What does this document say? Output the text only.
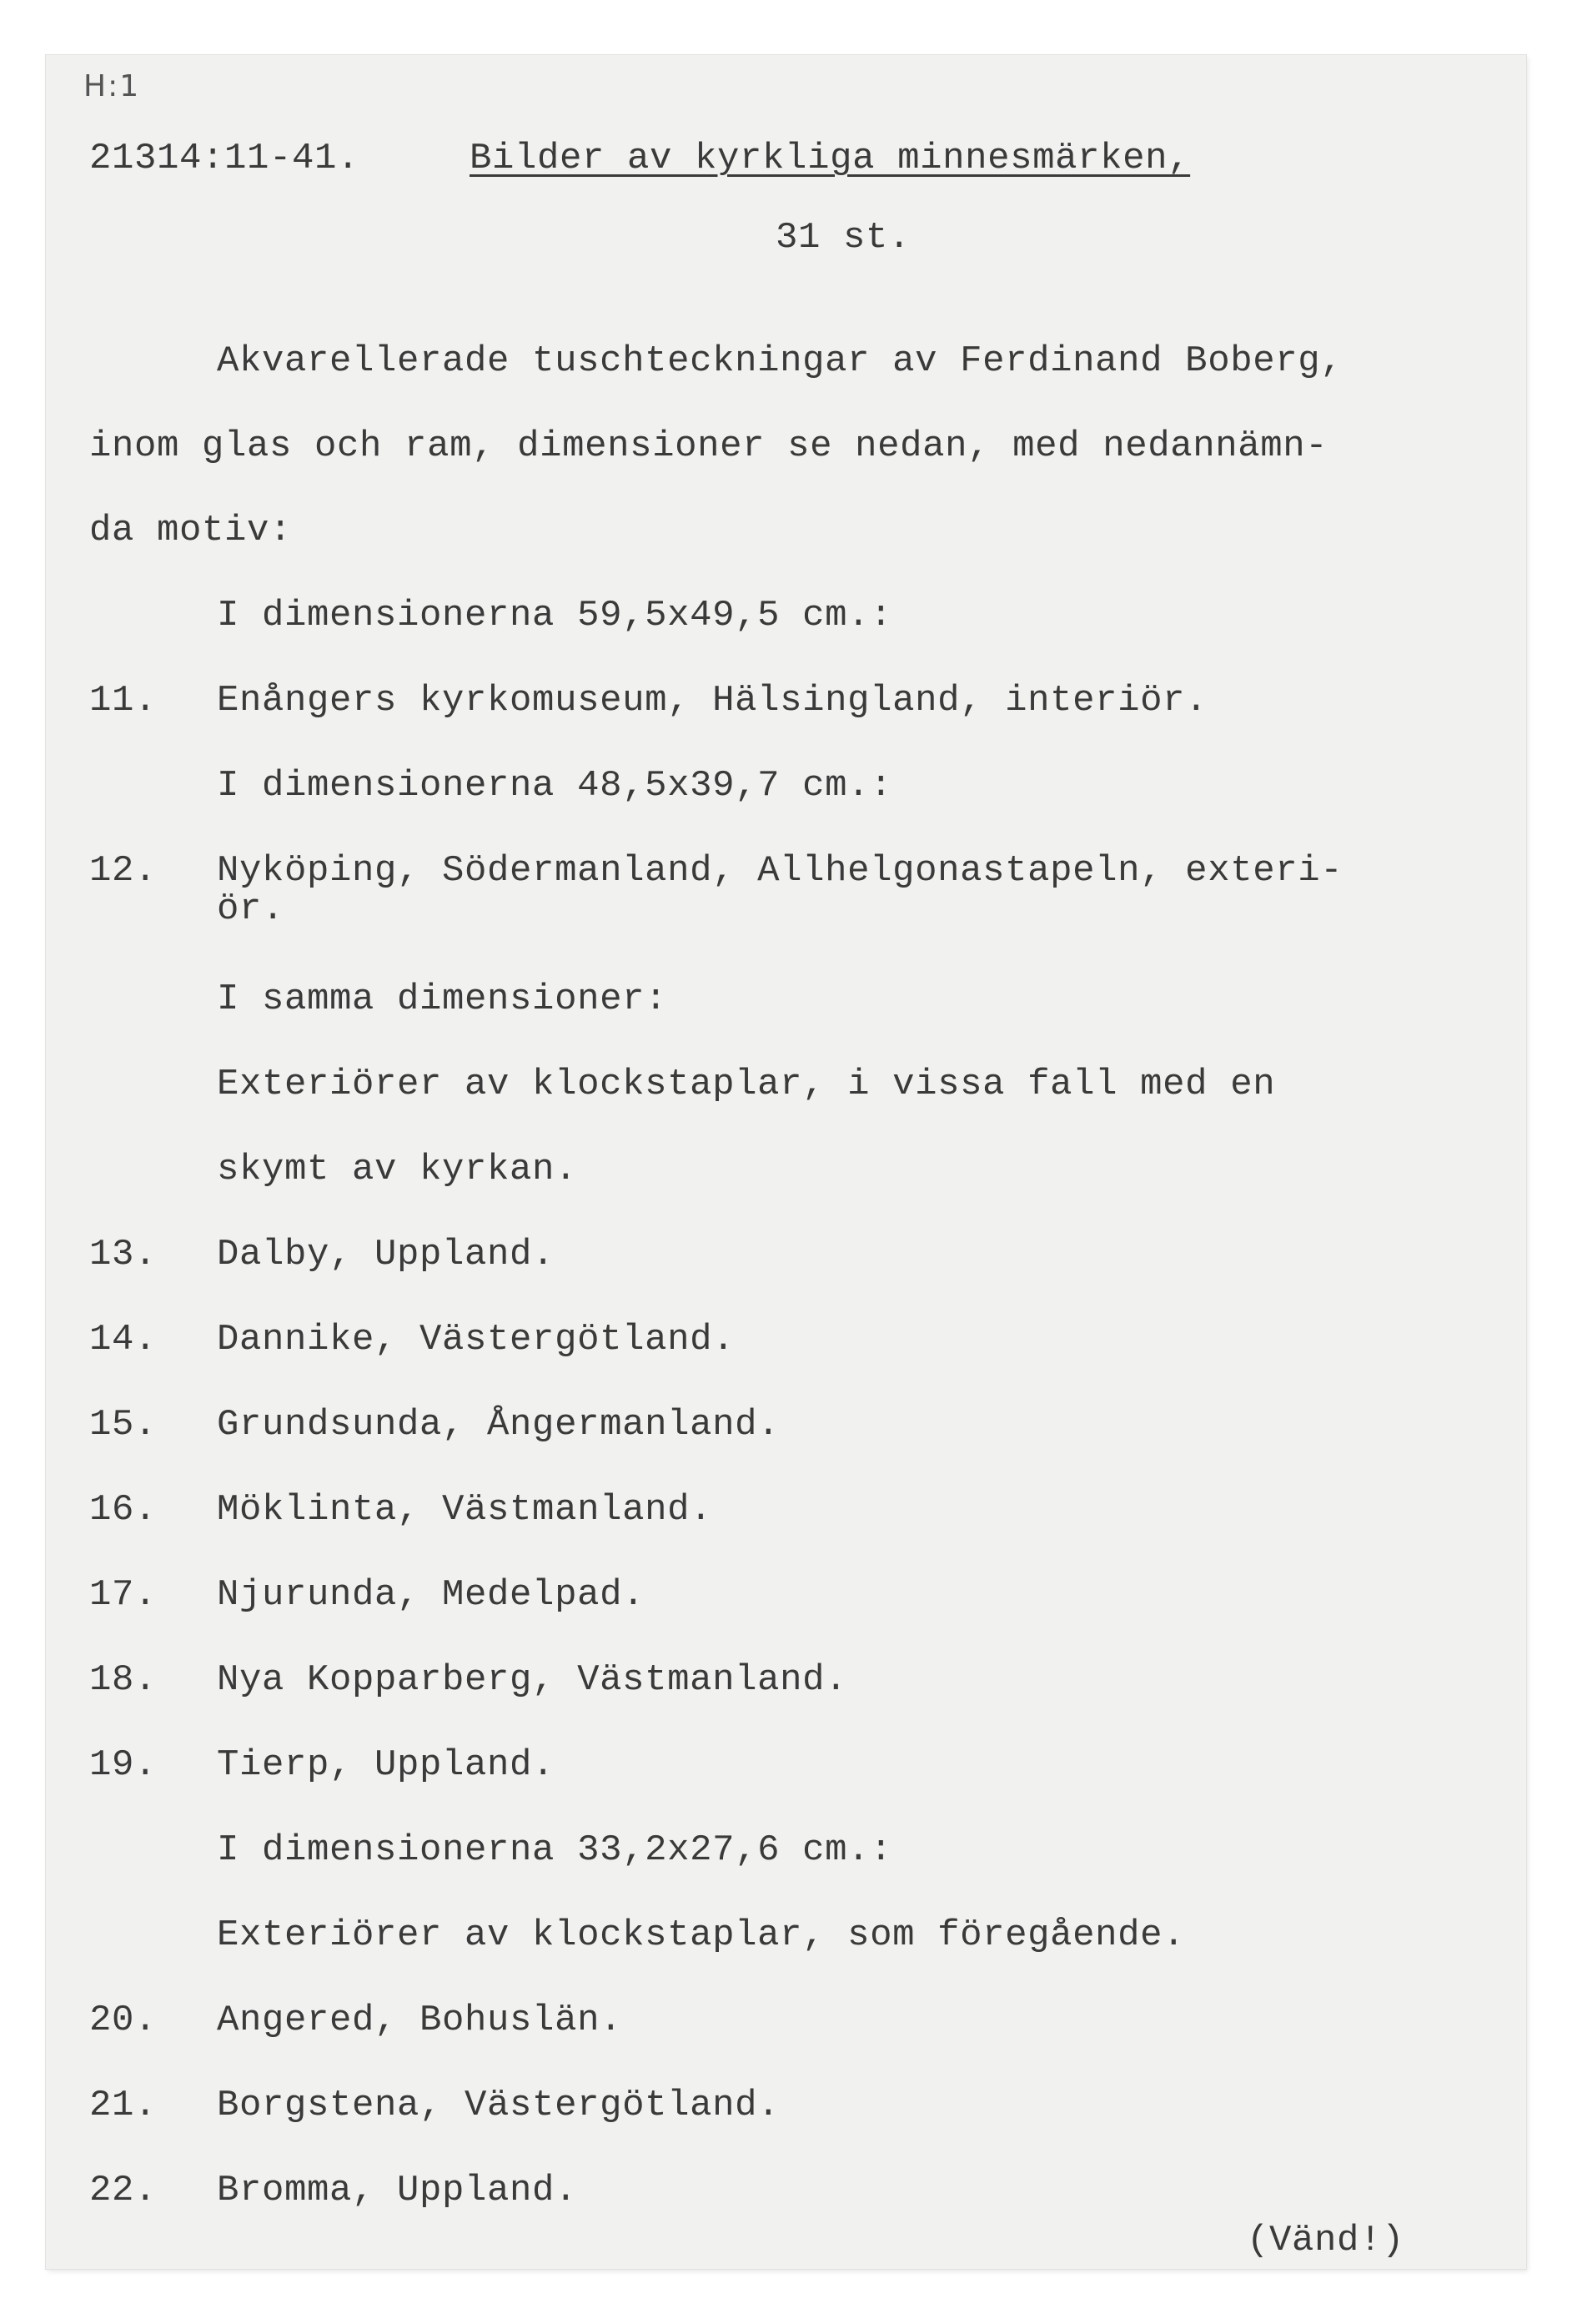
H:1
21314:11-41.	Bilder av kyrkliga minnesmärken,
31 st.
Akvarellerade tuschteckningar av Ferdinand Boberg,
inom glas och ram, dimensioner se nedan, med nedannämn-
da motiv:
I dimensionerna 59,5x49,5 cm.:
11. Enångers kyrkomuseum, Hälsingland, interiör.
I dimensionerna 48,5x39,7 cm.:
12. Nyköping, Södermanland, Allhelgonastapeln, exteri-
ör.
I samma dimensioner:
Exteriörer av klockstaplar, i vissa fall med en
skymt av kyrkan.
13. Dalby, Uppland.
14. Dannike, Västergötland.
15. Grundsunda, Ångermanland.
16. Möklinta, Västmanland.
17. Njurunda, Medelpad.
18. Nya Kopparberg, Västmanland.
19. Tierp, Uppland.
I dimensionerna 33,2x27,6 cm.:
Exteriörer av klockstaplar, som föregående.
20. Angered, Bohuslän.
21. Borgstena, Västergötland.
22. Bromma, Uppland.
(Vänd!)
